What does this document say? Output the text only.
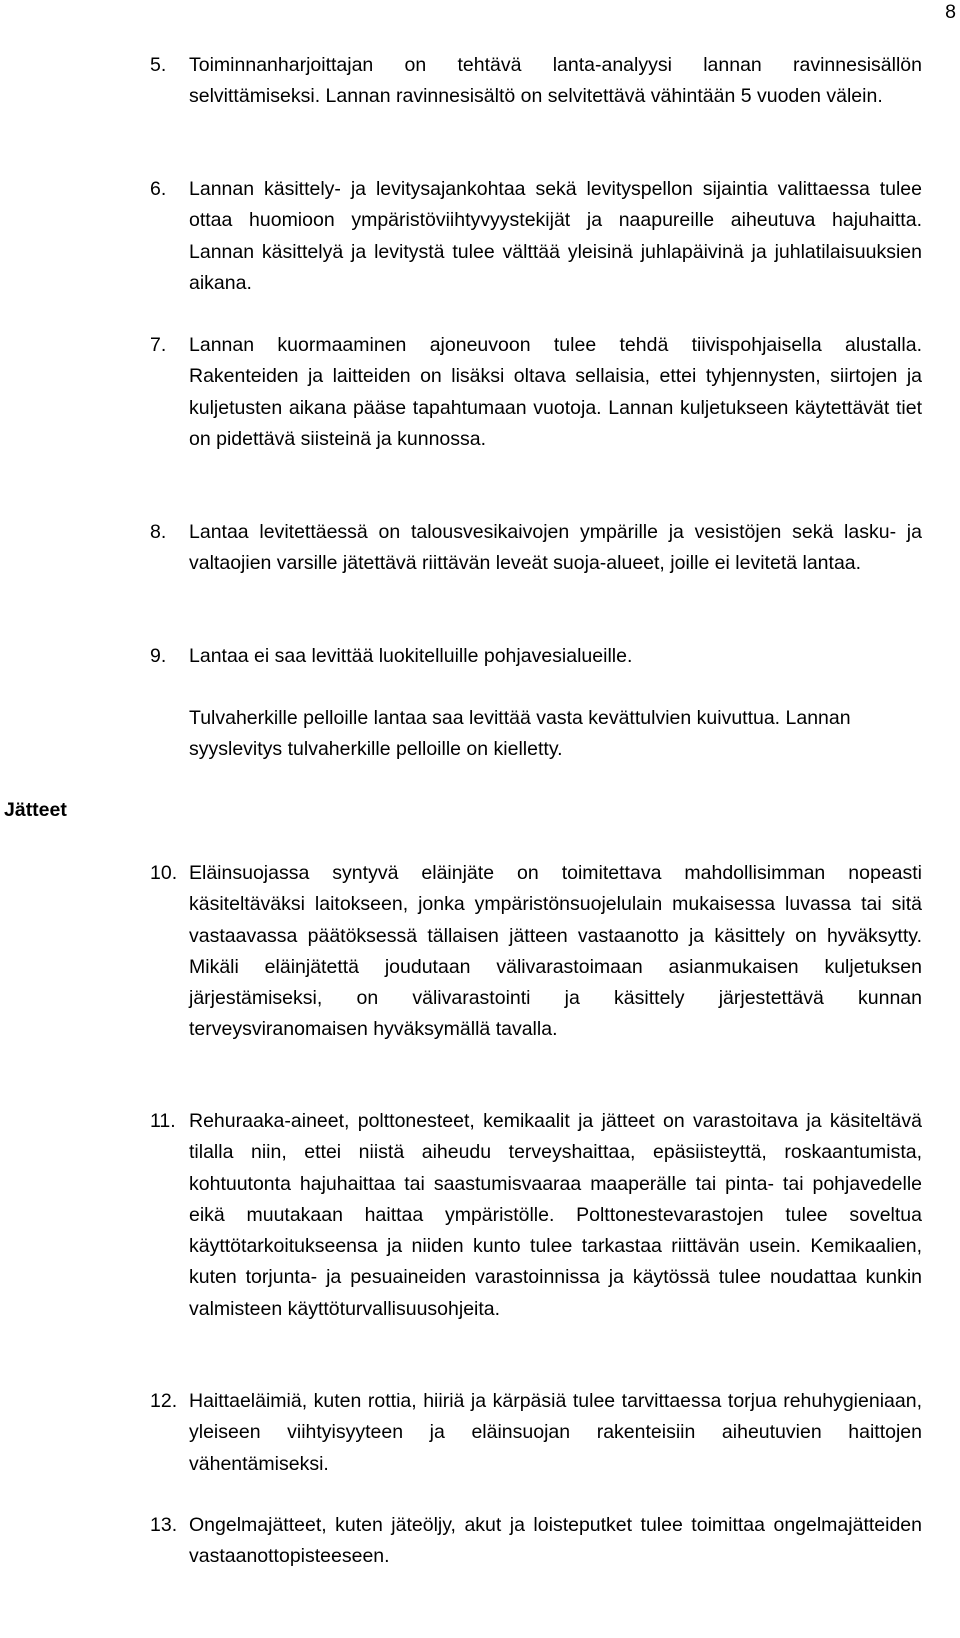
8
5.	Toiminnanharjoittajan on tehtävä lanta-analyysi lannan ravinnesisällön selvittämiseksi. Lannan ravinnesisältö on selvitettävä vähintään 5 vuoden välein.
6.	Lannan käsittely- ja levitysajankohtaa sekä levityspellon sijaintia valittaessa tulee ottaa huomioon ympäristöviihtyvyystekijät ja naapureille aiheutuva hajuhaitta. Lannan käsittelyä ja levitystä tulee välttää yleisinä juhlapäivinä ja juhlatilaisuuksien aikana.
7.	Lannan kuormaaminen ajoneuvoon tulee tehdä tiivispohjaisella alustalla. Rakenteiden ja laitteiden on lisäksi oltava sellaisia, ettei tyhjennysten, siirtojen ja kuljetusten aikana pääse tapahtumaan vuotoja. Lannan kuljetukseen käytettävät tiet on pidettävä siisteinä ja kunnossa.
8.	Lantaa levitettäessä on talousvesikaivojen ympärille ja vesistöjen sekä lasku- ja valtaojien varsille jätettävä riittävän leveät suoja-alueet, joille ei levitetä lantaa.
9.	Lantaa ei saa levittää luokitelluille pohjavesialueille.
Tulvaherkille pelloille lantaa saa levittää vasta kevättulvien kuivuttua. Lannan syyslevitys tulvaherkille pelloille on kielletty.
Jätteet
10. Eläinsuojassa syntyvä eläinjäte on toimitettava mahdollisimman nopeasti käsiteltäväksi laitokseen, jonka ympäristönsuojelulain mukaisessa luvassa tai sitä vastaavassa päätöksessä tällaisen jätteen vastaanotto ja käsittely on hyväksytty. Mikäli eläinjätettä joudutaan välivarastoimaan asianmukaisen kuljetuksen järjestämiseksi, on välivarastointi ja käsittely järjestettävä kunnan terveysviranomaisen hyväksymällä tavalla.
11. Rehuraaka-aineet, polttonesteet, kemikaalit ja jätteet on varastoitava ja käsiteltävä tilalla niin, ettei niistä aiheudu terveyshaittaa, epäsiisteyttä, roskaantumista, kohtuutonta hajuhaittaa tai saastumisvaaraa maaperälle tai pinta- tai pohjavedelle eikä muutakaan haittaa ympäristölle. Polttonestevarastojen tulee soveltua käyttötarkoitukseensa ja niiden kunto tulee tarkastaa riittävän usein. Kemikaalien, kuten torjunta- ja pesuaineiden varastoinnissa ja käytössä tulee noudattaa kunkin valmisteen käyttöturvallisuusohjeita.
12. Haittaeläimiä, kuten rottia, hiiriä ja kärpäsiä tulee tarvittaessa torjua rehuhygieniaan, yleiseen viihtyisyyteen ja eläinsuojan rakenteisiin aiheutuvien haittojen vähentämiseksi.
13. Ongelmajätteet, kuten jäteöljy, akut ja loisteputket tulee toimittaa ongelmajätteiden vastaanottopisteeseen.
